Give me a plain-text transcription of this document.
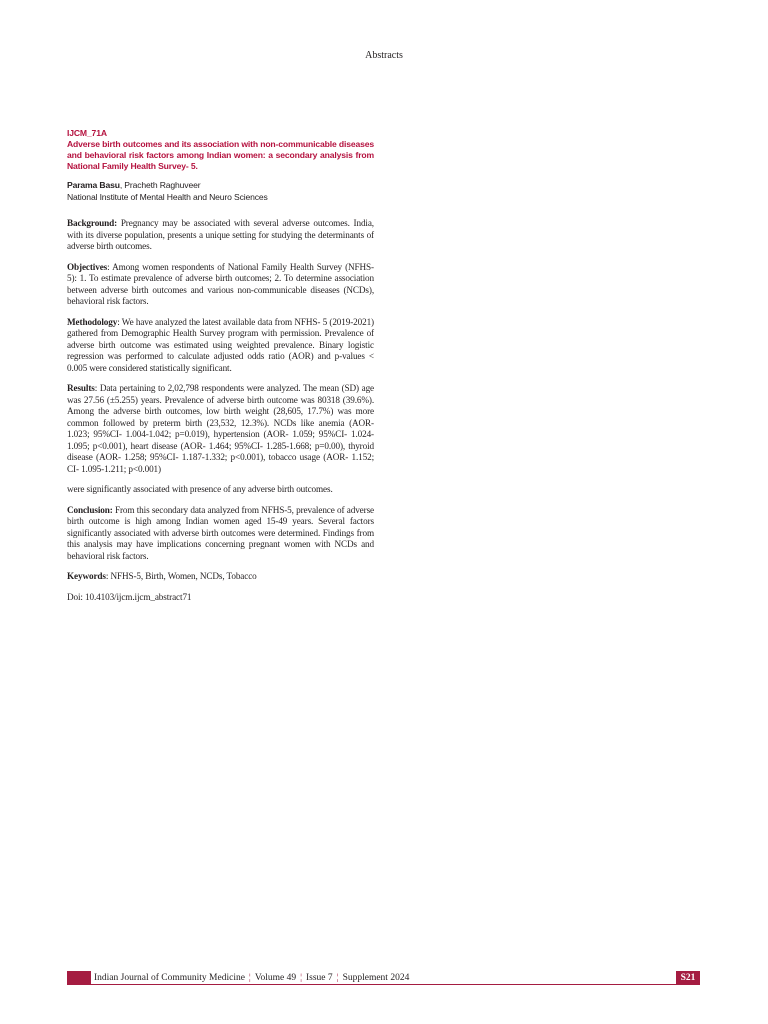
Abstracts
IJCM_71A
Adverse birth outcomes and its association with non-communicable diseases and behavioral risk factors among Indian women: a secondary analysis from National Family Health Survey- 5.
Parama Basu, Pracheth Raghuveer
National Institute of Mental Health and Neuro Sciences

Background: Pregnancy may be associated with several adverse outcomes. India, with its diverse population, presents a unique setting for studying the determinants of adverse birth outcomes.

Objectives: Among women respondents of National Family Health Survey (NFHS-5): 1. To estimate prevalence of adverse birth outcomes; 2. To determine association between adverse birth outcomes and various non-communicable diseases (NCDs), behavioral risk factors.

Methodology: We have analyzed the latest available data from NFHS- 5 (2019-2021) gathered from Demographic Health Survey program with permission. Prevalence of adverse birth outcome was estimated using weighted prevalence. Binary logistic regression was performed to calculate adjusted odds ratio (AOR) and p-values < 0.005 were considered statistically significant.

Results: Data pertaining to 2,02,798 respondents were analyzed. The mean (SD) age was 27.56 (±5.255) years. Prevalence of adverse birth outcome was 80318 (39.6%). Among the adverse birth outcomes, low birth weight (28,605, 17.7%) was more common followed by preterm birth (23,532, 12.3%). NCDs like anemia (AOR- 1.023; 95%CI- 1.004-1.042; p=0.019), hypertension (AOR- 1.059; 95%CI- 1.024-1.095; p<0.001), heart disease (AOR- 1.464; 95%CI- 1.285-1.668; p=0.00), thyroid disease (AOR- 1.258; 95%CI- 1.187-1.332; p<0.001), tobacco usage (AOR- 1.152; CI- 1.095-1.211; p<0.001)

were significantly associated with presence of any adverse birth outcomes.

Conclusion: From this secondary data analyzed from NFHS-5, prevalence of adverse birth outcome is high among Indian women aged 15-49 years. Several factors significantly associated with adverse birth outcomes were determined. Findings from this analysis may have implications concerning pregnant women with NCDs and behavioral risk factors.

Keywords: NFHS-5, Birth, Women, NCDs, Tobacco

Doi: 10.4103/ijcm.ijcm_abstract71

Indian Journal of Community Medicine ¦ Volume 49 ¦ Issue 7 ¦ Supplement 2024	S21
